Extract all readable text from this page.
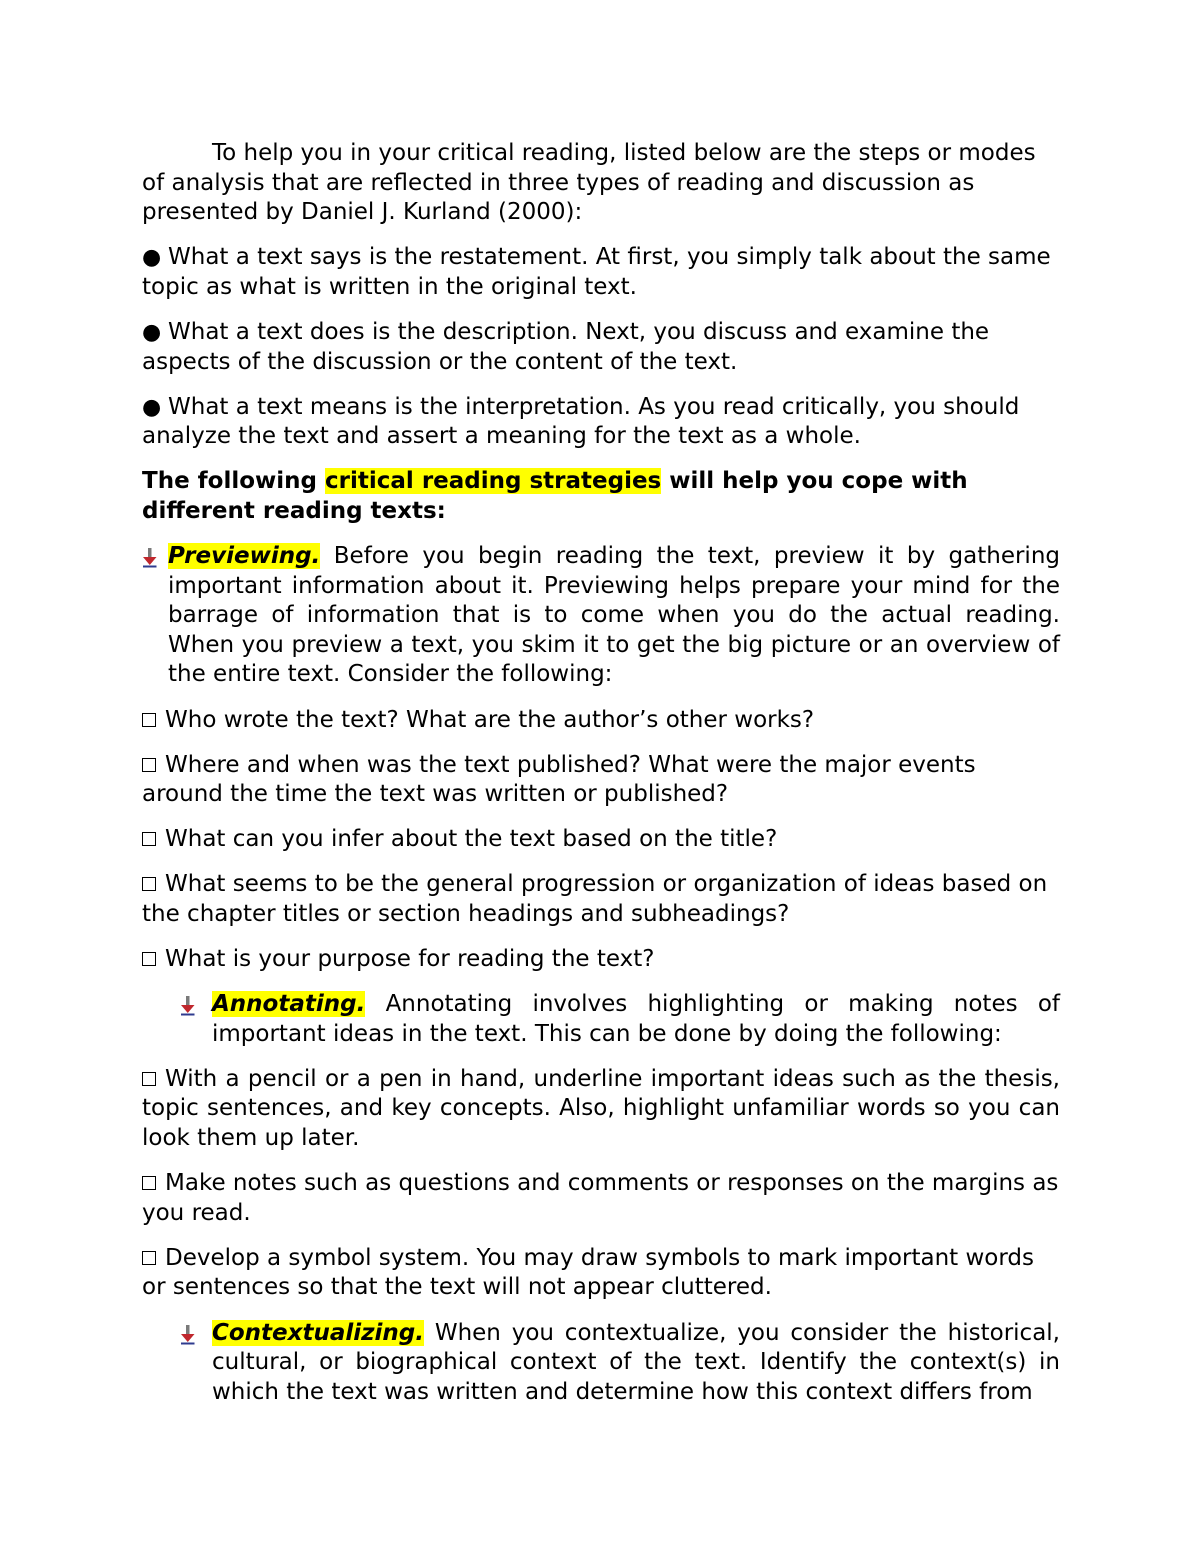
To help you in your critical reading, listed below are the steps or modes of analysis that are reflected in three types of reading and discussion as presented by Daniel J. Kurland (2000):

● What a text says is the restatement. At first, you simply talk about the same topic as what is written in the original text.

● What a text does is the description. Next, you discuss and examine the aspects of the discussion or the content of the text.

● What a text means is the interpretation. As you read critically, you should analyze the text and assert a meaning for the text as a whole.

The following critical reading strategies will help you cope with different reading texts:

Previewing. Before you begin reading the text, preview it by gathering important information about it. Previewing helps prepare your mind for the barrage of information that is to come when you do the actual reading. When you preview a text, you skim it to get the big picture or an overview of the entire text. Consider the following:

Who wrote the text? What are the author’s other works?

Where and when was the text published? What were the major events around the time the text was written or published?

What can you infer about the text based on the title?

What seems to be the general progression or organization of ideas based on the chapter titles or section headings and subheadings?

What is your purpose for reading the text?

Annotating. Annotating involves highlighting or making notes of important ideas in the text. This can be done by doing the following:

With a pencil or a pen in hand, underline important ideas such as the thesis, topic sentences, and key concepts. Also, highlight unfamiliar words so you can look them up later.

Make notes such as questions and comments or responses on the margins as you read.

Develop a symbol system. You may draw symbols to mark important words or sentences so that the text will not appear cluttered.

Contextualizing. When you contextualize, you consider the historical, cultural, or biographical context of the text. Identify the context(s) in which the text was written and determine how this context differs from
